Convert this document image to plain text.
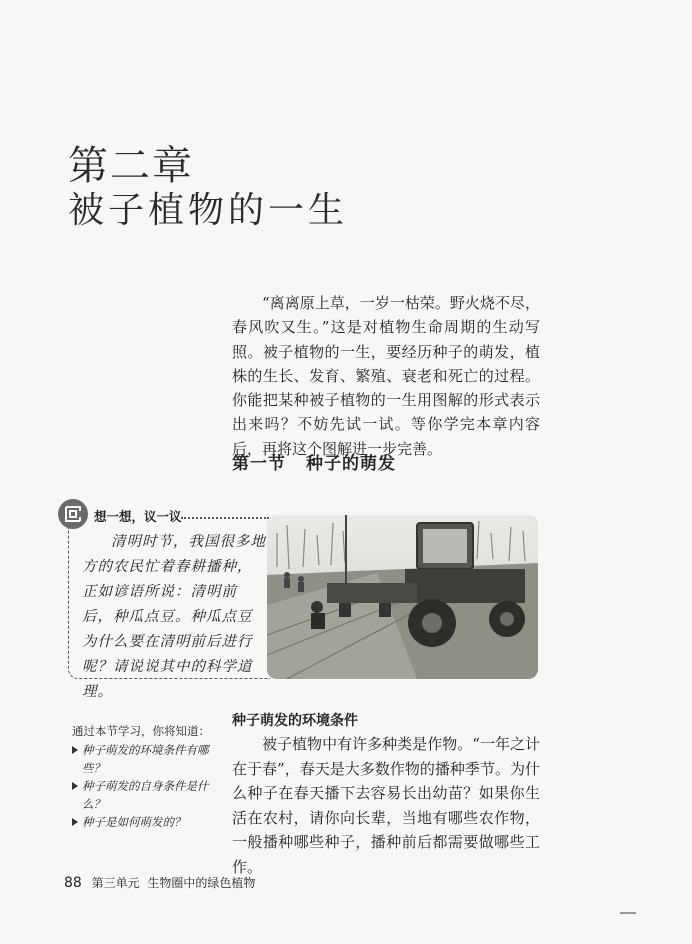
第二章
被子植物的一生

“离离原上草，一岁一枯荣。野火烧不尽，春风吹又生。”这是对植物生命周期的生动写照。被子植物的一生，要经历种子的萌发，植株的生长、发育、繁殖、衰老和死亡的过程。你能把某种被子植物的一生用图解的形式表示出来吗？不妨先试一试。等你学完本章内容后，再将这个图解进一步完善。

第一节 种子的萌发
想一想，议一议

清明时节，我国很多地方的农民忙着春耕播种，正如谚语所说：清明前后，种瓜点豆。种瓜点豆为什么要在清明前后进行呢？请说说其中的科学道理。

通过本节学习，你将知道：
种子萌发的环境条件有哪些？
种子萌发的自身条件是什么？
种子是如何萌发的？
种子萌发的环境条件

被子植物中有许多种类是作物。“一年之计在于春”，春天是大多数作物的播种季节。为什么种子在春天播下去容易长出幼苗？如果你生活在农村，请你向长辈，当地有哪些农作物，一般播种哪些种子，播种前后都需要做哪些工作。

88 第三单元 生物圈中的绿色植物
